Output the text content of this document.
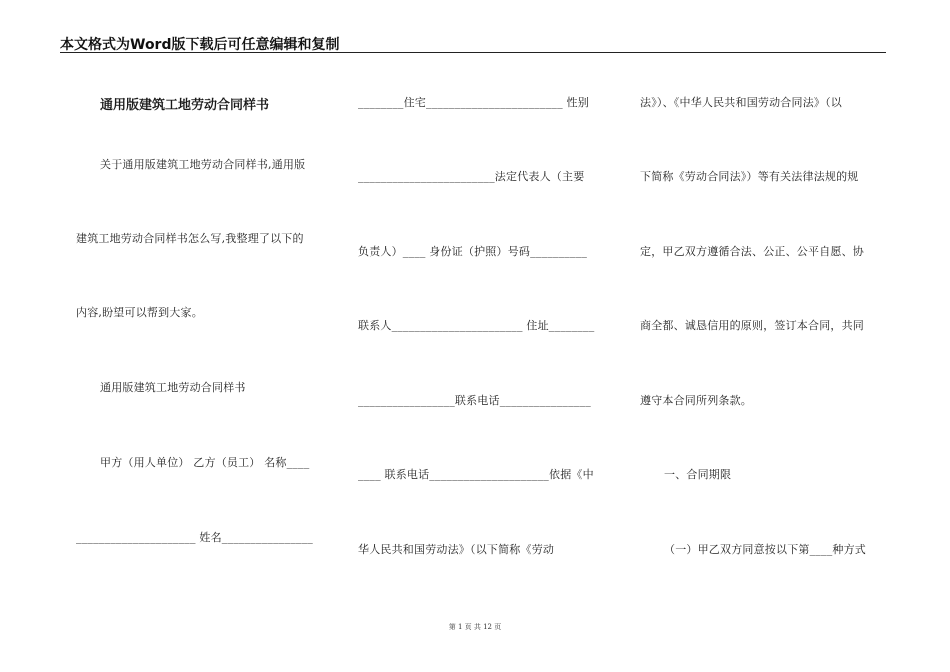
本文格式为Word版下载后可任意编辑和复制
通用版建筑工地劳动合同样书
关于通用版建筑工地劳动合同样书,通用版
建筑工地劳动合同样书怎么写,我整理了以下的
内容,盼望可以帮到大家。
通用版建筑工地劳动合同样书
甲方（用人单位） 乙方（员工） 名称____
_____________________ 姓名________________
________住宅________________________ 性别
________________________法定代表人（主要
负责人）____ 身份证（护照）号码__________
联系人_______________________ 住址________
_________________联系电话________________
____ 联系电话_____________________依据《中
华人民共和国劳动法》（以下简称《劳动
法》）、《中华人民共和国劳动合同法》（以
下简称《劳动合同法》）等有关法律法规的规
定，甲乙双方遵循合法、公正、公平自愿、协
商全都、诚恳信用的原则，签订本合同，共同
遵守本合同所列条款。
一、合同期限
（一）甲乙双方同意按以下第____种方式
第 1 页 共 12 页
